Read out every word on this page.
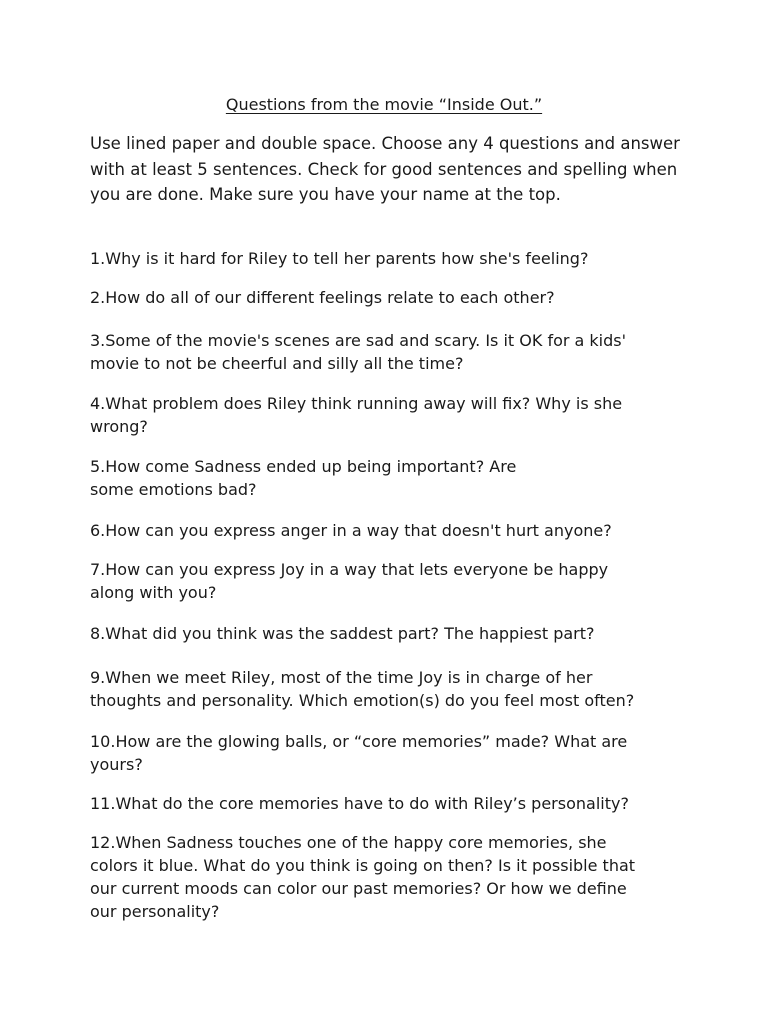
Questions from the movie “Inside Out.”

Use lined paper and double space. Choose any 4 questions and answer with at least 5 sentences. Check for good sentences and spelling when you are done. Make sure you have your name at the top.

1.Why is it hard for Riley to tell her parents how she's feeling?
2.How do all of our different feelings relate to each other?
3.Some of the movie's scenes are sad and scary. Is it OK for a kids'
movie to not be cheerful and silly all the time?
4.What problem does Riley think running away will fix? Why is she
wrong?
5.How come Sadness ended up being important? Are
some emotions bad?
6.How can you express anger in a way that doesn't hurt anyone?
7.How can you express Joy in a way that lets everyone be happy
along with you?
8.What did you think was the saddest part? The happiest part?
9.When we meet Riley, most of the time Joy is in charge of her
thoughts and personality. Which emotion(s) do you feel most often?
10.How are the glowing balls, or “core memories” made? What are
yours?
11.What do the core memories have to do with Riley’s personality?
12.When Sadness touches one of the happy core memories, she
colors it blue. What do you think is going on then? Is it possible that
our current moods can color our past memories? Or how we define
our personality?
